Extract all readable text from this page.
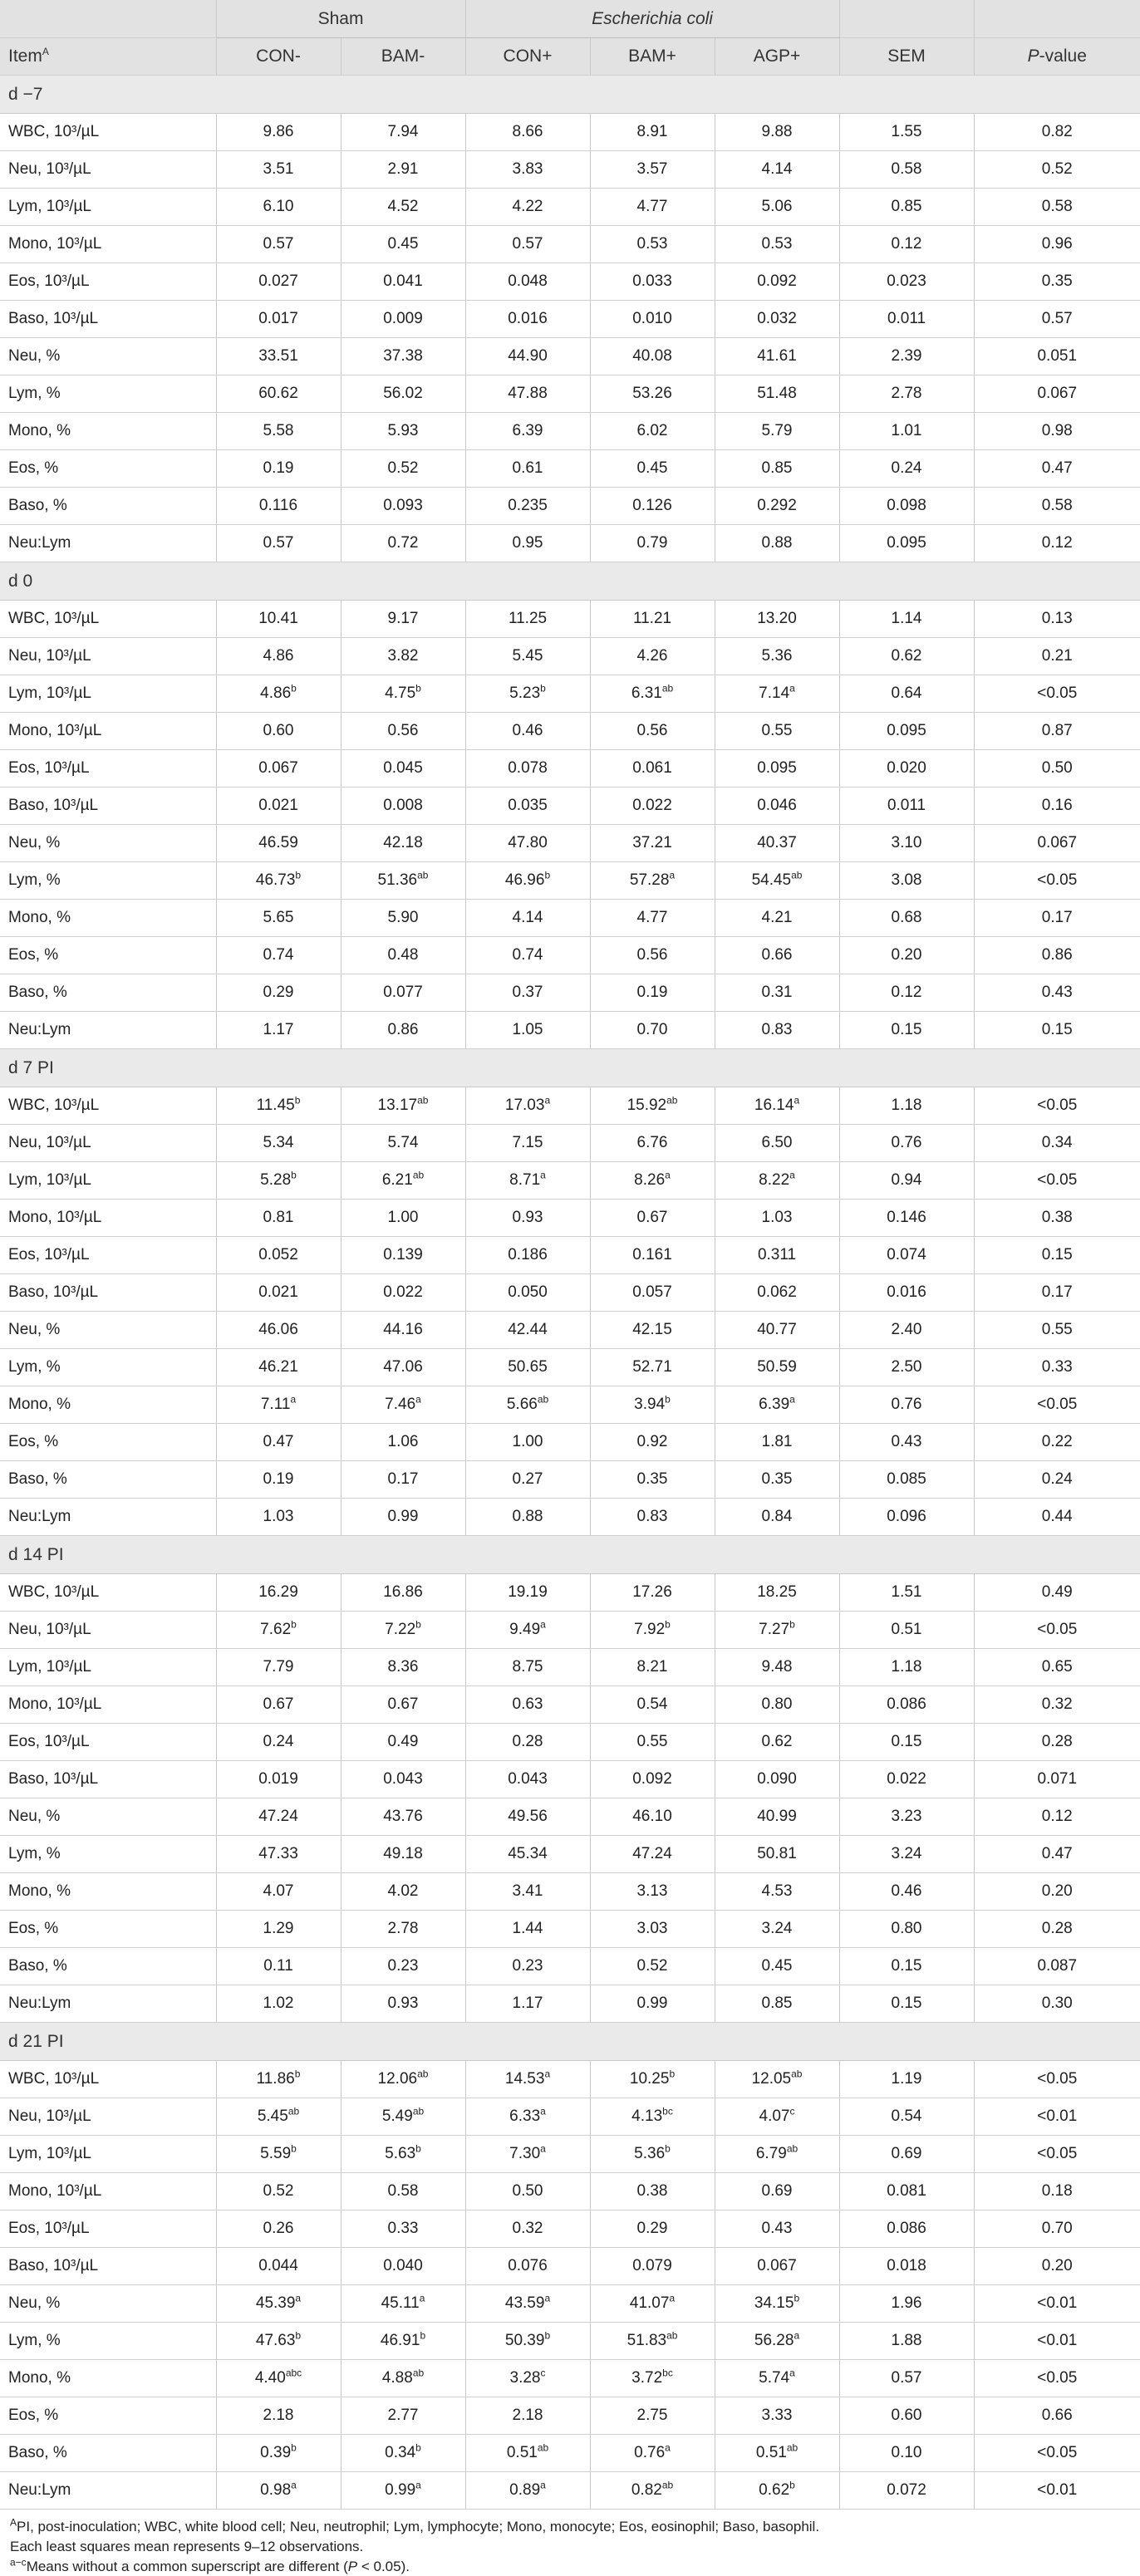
	Sham		Escherichia coli				
Item$^A$	CON-	BAM-	CON+	BAM+	AGP+	SEM	P-value
d −7							
WBC, 10³/µL	9.86	7.94	8.66	8.91	9.88	1.55	0.82
Neu, 10³/µL	3.51	2.91	3.83	3.57	4.14	0.58	0.52
Lym, 10³/µL	6.10	4.52	4.22	4.77	5.06	0.85	0.58
Mono, 10³/µL	0.57	0.45	0.57	0.53	0.53	0.12	0.96
Eos, 10³/µL	0.027	0.041	0.048	0.033	0.092	0.023	0.35
Baso, 10³/µL	0.017	0.009	0.016	0.010	0.032	0.011	0.57
Neu, %	33.51	37.38	44.90	40.08	41.61	2.39	0.051
Lym, %	60.62	56.02	47.88	53.26	51.48	2.78	0.067
Mono, %	5.58	5.93	6.39	6.02	5.79	1.01	0.98
Eos, %	0.19	0.52	0.61	0.45	0.85	0.24	0.47
Baso, %	0.116	0.093	0.235	0.126	0.292	0.098	0.58
Neu:Lym	0.57	0.72	0.95	0.79	0.88	0.095	0.12
d 0							
WBC, 10³/µL	10.41	9.17	11.25	11.21	13.20	1.14	0.13
Neu, 10³/µL	4.86	3.82	5.45	4.26	5.36	0.62	0.21
Lym, 10³/µL	4.86$^b$	4.75$^b$	5.23$^b$	6.31$^{ab}$	7.14$^a$	0.64	<0.05
Mono, 10³/µL	0.60	0.56	0.46	0.56	0.55	0.095	0.87
Eos, 10³/µL	0.067	0.045	0.078	0.061	0.095	0.020	0.50
Baso, 10³/µL	0.021	0.008	0.035	0.022	0.046	0.011	0.16
Neu, %	46.59	42.18	47.80	37.21	40.37	3.10	0.067
Lym, %	46.73$^b$	51.36$^{ab}$	46.96$^b$	57.28$^a$	54.45$^{ab}$	3.08	<0.05
Mono, %	5.65	5.90	4.14	4.77	4.21	0.68	0.17
Eos, %	0.74	0.48	0.74	0.56	0.66	0.20	0.86
Baso, %	0.29	0.077	0.37	0.19	0.31	0.12	0.43
Neu:Lym	1.17	0.86	1.05	0.70	0.83	0.15	0.15
d 7 PI							
WBC, 10³/µL	11.45$^b$	13.17$^{ab}$	17.03$^a$	15.92$^{ab}$	16.14$^a$	1.18	<0.05
Neu, 10³/µL	5.34	5.74	7.15	6.76	6.50	0.76	0.34
Lym, 10³/µL	5.28$^b$	6.21$^{ab}$	8.71$^a$	8.26$^a$	8.22$^a$	0.94	<0.05
Mono, 10³/µL	0.81	1.00	0.93	0.67	1.03	0.146	0.38
Eos, 10³/µL	0.052	0.139	0.186	0.161	0.311	0.074	0.15
Baso, 10³/µL	0.021	0.022	0.050	0.057	0.062	0.016	0.17
Neu, %	46.06	44.16	42.44	42.15	40.77	2.40	0.55
Lym, %	46.21	47.06	50.65	52.71	50.59	2.50	0.33
Mono, %	7.11$^a$	7.46$^a$	5.66$^{ab}$	3.94$^b$	6.39$^a$	0.76	<0.05
Eos, %	0.47	1.06	1.00	0.92	1.81	0.43	0.22
Baso, %	0.19	0.17	0.27	0.35	0.35	0.085	0.24
Neu:Lym	1.03	0.99	0.88	0.83	0.84	0.096	0.44
d 14 PI							
WBC, 10³/µL	16.29	16.86	19.19	17.26	18.25	1.51	0.49
Neu, 10³/µL	7.62$^b$	7.22$^b$	9.49$^a$	7.92$^b$	7.27$^b$	0.51	<0.05
Lym, 10³/µL	7.79	8.36	8.75	8.21	9.48	1.18	0.65
Mono, 10³/µL	0.67	0.67	0.63	0.54	0.80	0.086	0.32
Eos, 10³/µL	0.24	0.49	0.28	0.55	0.62	0.15	0.28
Baso, 10³/µL	0.019	0.043	0.043	0.092	0.090	0.022	0.071
Neu, %	47.24	43.76	49.56	46.10	40.99	3.23	0.12
Lym, %	47.33	49.18	45.34	47.24	50.81	3.24	0.47
Mono, %	4.07	4.02	3.41	3.13	4.53	0.46	0.20
Eos, %	1.29	2.78	1.44	3.03	3.24	0.80	0.28
Baso, %	0.11	0.23	0.23	0.52	0.45	0.15	0.087
Neu:Lym	1.02	0.93	1.17	0.99	0.85	0.15	0.30
d 21 PI							
WBC, 10³/µL	11.86$^b$	12.06$^{ab}$	14.53$^a$	10.25$^b$	12.05$^{ab}$	1.19	<0.05
Neu, 10³/µL	5.45$^{ab}$	5.49$^{ab}$	6.33$^a$	4.13$^{bc}$	4.07$^c$	0.54	<0.01
Lym, 10³/µL	5.59$^b$	5.63$^b$	7.30$^a$	5.36$^b$	6.79$^{ab}$	0.69	<0.05
Mono, 10³/µL	0.52	0.58	0.50	0.38	0.69	0.081	0.18
Eos, 10³/µL	0.26	0.33	0.32	0.29	0.43	0.086	0.70
Baso, 10³/µL	0.044	0.040	0.076	0.079	0.067	0.018	0.20
Neu, %	45.39$^a$	45.11$^a$	43.59$^a$	41.07$^a$	34.15$^b$	1.96	<0.01
Lym, %	47.63$^b$	46.91$^b$	50.39$^b$	51.83$^{ab}$	56.28$^a$	1.88	<0.01
Mono, %	4.40$^{abc}$	4.88$^{ab}$	3.28$^c$	3.72$^{bc}$	5.74$^a$	0.57	<0.05
Eos, %	2.18	2.77	2.18	2.75	3.33	0.60	0.66
Baso, %	0.39$^b$	0.34$^b$	0.51$^{ab}$	0.76$^a$	0.51$^{ab}$	0.10	<0.05
Neu:Lym	0.98$^a$	0.99$^a$	0.89$^a$	0.82$^{ab}$	0.62$^b$	0.072	<0.01
$^A$PI, post-inoculation; WBC, white blood cell; Neu, neutrophil; Lym, lymphocyte; Mono, monocyte; Eos, eosinophil; Baso, basophil.
Each least squares mean represents 9–12 observations.
$^{a-c}$Means without a common superscript are different (P < 0.05).
